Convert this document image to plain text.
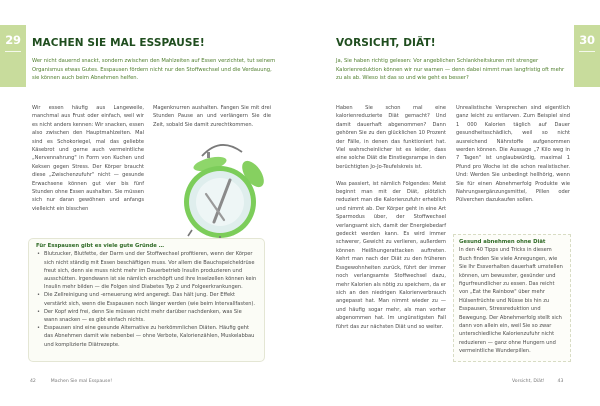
29	MACHEN SIE MAL ESSPAUSE!
Wer nicht dauernd snackt, sondern zwischen den Mahlzeiten auf Essen verzichtet, tut seinem Organismus etwas Gutes. Esspausen fördern nicht nur den Stoffwechsel und die Verdauung, sie können auch beim Abnehmen helfen.
Wir essen häufig aus Langeweile, manchmal aus Frust oder einfach, weil wir es nicht anders kennen: Wir snacken, essen also zwischen den Hauptmahlzeiten. Mal sind es Schokoriegel, mal das geliebte Käsebrot und gerne auch vermeintliche „Nervennahrung" in Form von Kuchen und Keksen gegen Stress. Der Körper braucht diese „Zwischenzufuhr" nicht — gesunde Erwachsene können gut vier bis fünf Stunden ohne Essen aushalten. Sie müssen sich nur daran gewöhnen und anfangs vielleicht ein bisschen
Magenknurren aushalten. Fangen Sie mit drei Stunden Pause an und verlängern Sie die Zeit, sobald Sie damit zurechtkommen.
Für Esspausen gibt es viele gute Gründe …
• Blutzucker, Blutfette, der Darm und der Stoffwechsel profitieren, wenn der Körper sich nicht ständig mit Essen beschäftigen muss. Vor allem die Bauchspeicheldrüse freut sich, denn sie muss nicht mehr im Dauerbetrieb Insulin produzieren und ausschütten. Irgendwann ist sie nämlich erschöpft und ihre Inselzellen können kein Insulin mehr bilden — die Folgen sind Diabetes Typ 2 und Folgeerkrankungen.
• Die Zellreinigung und -erneuerung wird angeregt. Das hält jung. Der Effekt verstärkt sich, wenn die Esspausen noch länger werden (wie beim Intervallfasten).
• Der Kopf wird frei, denn Sie müssen nicht mehr darüber nachdenken, was Sie wann snacken — es gibt einfach nichts.
• Esspausen sind eine gesunde Alternative zu herkömmlichen Diäten. Häufig geht das Abnehmen damit wie nebenbei — ohne Verbote, Kalorienzählen, Muskelabbau und komplizierte Diätrezepte.
42	Machen Sie mal Esspause!
VORSICHT, DIÄT!
Ja, Sie haben richtig gelesen: Vor angeblichen Schlankheitskuren mit strenger Kalorienreduktion können wir nur warnen — denn dabei nimmt man langfristig oft mehr zu als ab. Wieso ist das so und wie geht es besser?

Haben Sie schon mal eine kalorienreduzierte Diät gemacht? Und damit dauerhaft abgenommen? Dann gehören Sie zu den glücklichen 10 Prozent der Fälle, in denen das funktioniert hat. Viel wahrscheinlicher ist es leider, dass eine solche Diät die Einstiegsrampe in den berüchtigten Jo-Jo-Teufelskreis ist.

Was passiert, ist nämlich Folgendes: Meist beginnt man mit der Diät, plötzlich reduziert man die Kalorienzufuhr erheblich und nimmt ab. Der Körper geht in eine Art Sparmodus über, der Stoffwechsel verlangsamt sich, damit der Energiebedarf gedeckt werden kann. Es wird immer schwerer, Gewicht zu verlieren, außerdem können Heißhungerattacken auftreten. Kehrt man nach der Diät zu den früheren Essgewohnheiten zurück, führt der immer noch verlangsamte Stoffwechsel dazu, mehr Kalorien als nötig zu speichern, da er sich an den niedrigen Kalorienverbrauch angepasst hat. Man nimmt wieder zu — und häufig sogar mehr, als man vorher abgenommen hat. Im ungünstigsten Fall führt das zur nächsten Diät und so weiter.

Unrealistische Versprechen sind eigentlich ganz leicht zu entlarven. Zum Beispiel sind 1 000 Kalorien täglich auf Dauer gesundheitsschädlich, weil so nicht ausreichend Nährstoffe aufgenommen werden können. Die Aussage „7 Kilo weg in 7 Tagen" ist unglaubwürdig, maximal 1 Pfund pro Woche ist die schon realistischer. Und: Werden Sie unbedingt hellhörig, wenn Sie für einen Abnehmerfolg Produkte wie Nahrungsergänzungsmittel, Pillen oder Pülverchen dazukaufen sollen.
Gesund abnehmen ohne Diät

In den 40 Tipps und Tricks in diesem Buch finden Sie viele Anregungen, wie Sie Ihr Essverhalten dauerhaft umstellen können, um bewusster, gesünder und figurfreundlicher zu essen. Das reicht von „Eat the Rainbow" über mehr Hülsenfrüchte und Nüsse bis hin zu Esspausen, Stressreduktion und Bewegung. Der Abnehmerfolg stellt sich dann von allein ein, weil Sie so zwar unterschiedliche Kalorienzufuhr nicht reduzieren — ganz ohne Hungern und vermeintliche Wunderpillen.

Vorsicht, Diät!	43
30
